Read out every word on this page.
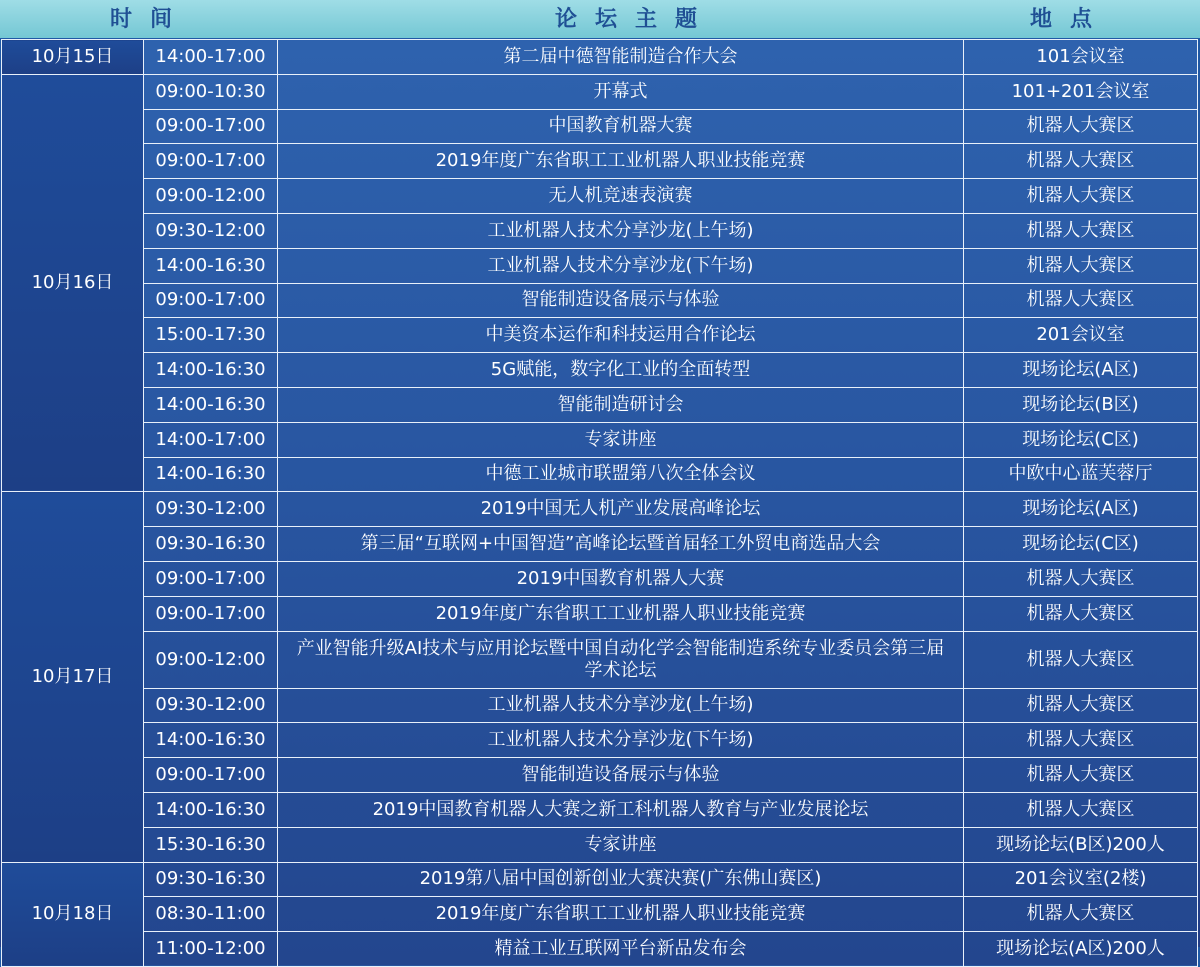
时间	论坛主题	地点
10月15日	14:00-17:00	第二届中德智能制造合作大会	101会议室
10月16日	09:00-10:30	开幕式	101+201会议室
	09:00-17:00	中国教育机器大赛	机器人大赛区
	09:00-17:00	2019年度广东省职工工业机器人职业技能竞赛	机器人大赛区
	09:00-12:00	无人机竞速表演赛	机器人大赛区
	09:30-12:00	工业机器人技术分享沙龙(上午场)	机器人大赛区
	14:00-16:30	工业机器人技术分享沙龙(下午场)	机器人大赛区
	09:00-17:00	智能制造设备展示与体验	机器人大赛区
	15:00-17:30	中美资本运作和科技运用合作论坛	201会议室
	14:00-16:30	5G赋能，数字化工业的全面转型	现场论坛(A区)
	14:00-16:30	智能制造研讨会	现场论坛(B区)
	14:00-17:00	专家讲座	现场论坛(C区)
	14:00-16:30	中德工业城市联盟第八次全体会议	中欧中心蓝芙蓉厅
10月17日	09:30-12:00	2019中国无人机产业发展高峰论坛	现场论坛(A区)
	09:30-16:30	第三届“互联网+中国智造”高峰论坛暨首届轻工外贸电商选品大会	现场论坛(C区)
	09:00-17:00	2019中国教育机器人大赛	机器人大赛区
	09:00-17:00	2019年度广东省职工工业机器人职业技能竞赛	机器人大赛区
	09:00-12:00	产业智能升级AI技术与应用论坛暨中国自动化学会智能制造系统专业委员会第三届学术论坛	机器人大赛区
	09:30-12:00	工业机器人技术分享沙龙(上午场)	机器人大赛区
	14:00-16:30	工业机器人技术分享沙龙(下午场)	机器人大赛区
	09:00-17:00	智能制造设备展示与体验	机器人大赛区
	14:00-16:30	2019中国教育机器人大赛之新工科机器人教育与产业发展论坛	机器人大赛区
	15:30-16:30	专家讲座	现场论坛(B区)200人
10月18日	09:30-16:30	2019第八届中国创新创业大赛决赛(广东佛山赛区)	201会议室(2楼)
	08:30-11:00	2019年度广东省职工工业机器人职业技能竞赛	机器人大赛区
	11:00-12:00	精益工业互联网平台新品发布会	现场论坛(A区)200人
